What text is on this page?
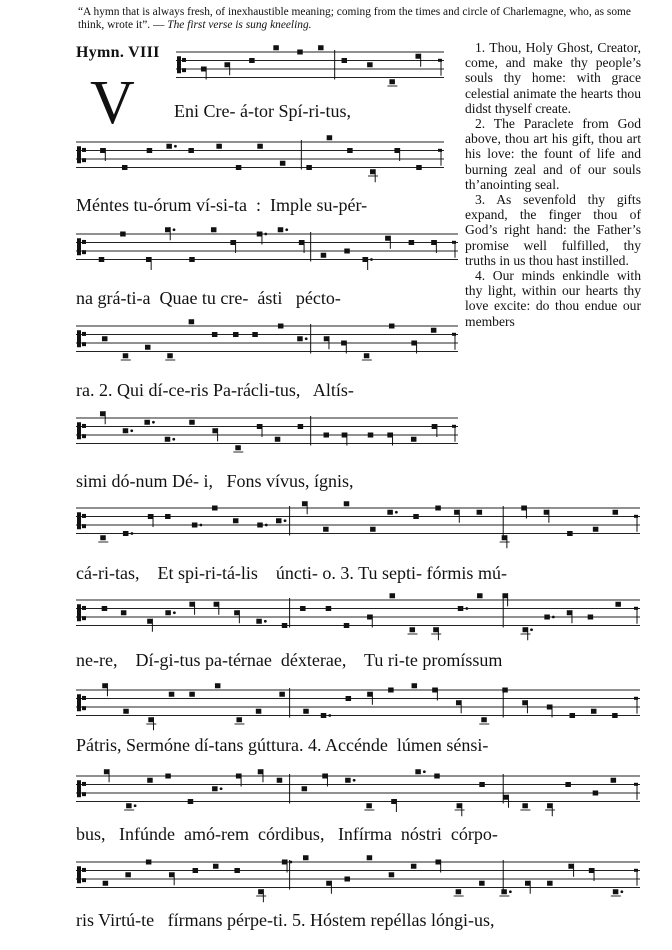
“A hymn that is always fresh, of inexhaustible meaning; coming from the times and circle of Charlemagne, who, as some think, wrote it”. — The first verse is sung kneeling.
Hymn. VIII
V Eni Cre- á-tor Spí-ri-tus,
Méntes tu-órum ví-si-ta  :  Imple su-pér-
na grá-ti-a  Quae tu cre-  ásti   pécto-
ra. 2. Qui dí-ce-ris Pa-rácli-tus,   Altís-
simi dó-num Dé- i,   Fons vívus, ígnis,
cá-ri-tas,    Et spi-ri-tá-lis    úncti- o. 3. Tu septi- fórmis mú-
ne-re,    Dí-gi-tus pa-térnae  déxterae,    Tu ri-te promíssum
Pátris, Sermóne dí-tans gúttura. 4. Accénde  lúmen sénsi-
bus,   Infúnde  amó-rem  córdibus,   Infírma  nóstri  córpo-
ris Virtú-te   fírmans pérpe-ti. 5. Hóstem repéllas lóngi-us,

1. Thou, Holy Ghost, Creator, come, and make thy people’s souls thy home: with grace celestial animate the hearts thou didst thyself create.

2. The Paraclete from God above, thou art his gift, thou art his love: the fount of life and burning zeal and of our souls th’anointing seal.

3. As sevenfold thy gifts expand, the finger thou of God’s right hand: the Father’s promise well fulfilled, thy truths in us thou hast instilled.

4. Our minds enkindle with thy light, within our hearts thy love excite: do thou endue our members
